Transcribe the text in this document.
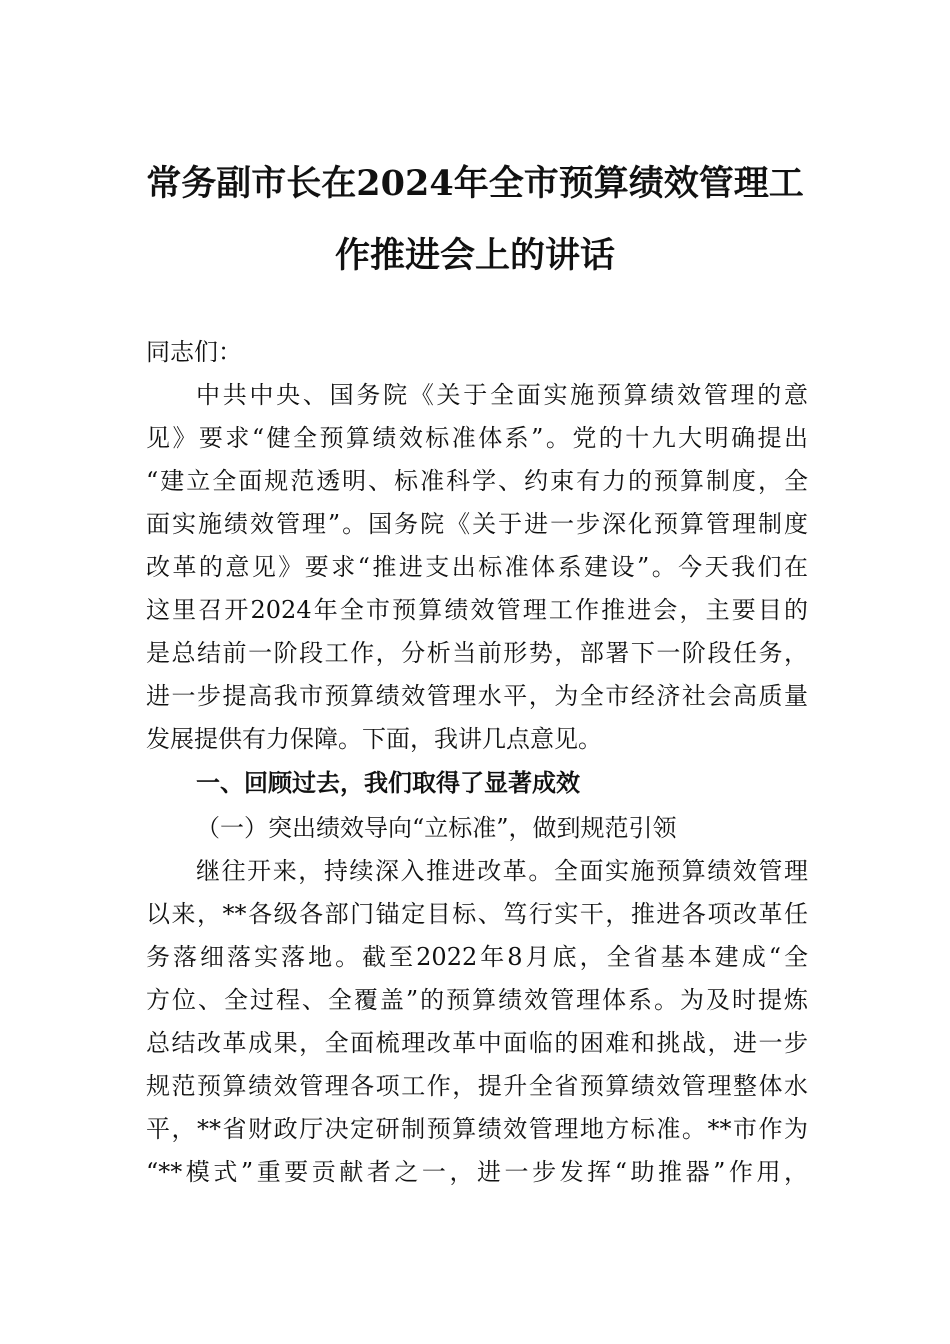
常务副市长在2024年全市预算绩效管理工
作推进会上的讲话
同志们：
中共中央、国务院《关于全面实施预算绩效管理的意
见》要求“健全预算绩效标准体系”。党的十九大明确提出
“建立全面规范透明、标准科学、约束有力的预算制度，全
面实施绩效管理”。国务院《关于进一步深化预算管理制度
改革的意见》要求“推进支出标准体系建设”。今天我们在
这里召开2024年全市预算绩效管理工作推进会，主要目的
是总结前一阶段工作，分析当前形势，部署下一阶段任务，
进一步提高我市预算绩效管理水平，为全市经济社会高质量
发展提供有力保障。下面，我讲几点意见。
一、回顾过去，我们取得了显著成效
（一）突出绩效导向“立标准”，做到规范引领
继往开来，持续深入推进改革。全面实施预算绩效管理
以来，**各级各部门锚定目标、笃行实干，推进各项改革任
务落细落实落地。截至2022年8月底，全省基本建成“全
方位、全过程、全覆盖”的预算绩效管理体系。为及时提炼
总结改革成果，全面梳理改革中面临的困难和挑战，进一步
规范预算绩效管理各项工作，提升全省预算绩效管理整体水
平，**省财政厅决定研制预算绩效管理地方标准。**市作为
“**模式”重要贡献者之一，进一步发挥“助推器”作用，
